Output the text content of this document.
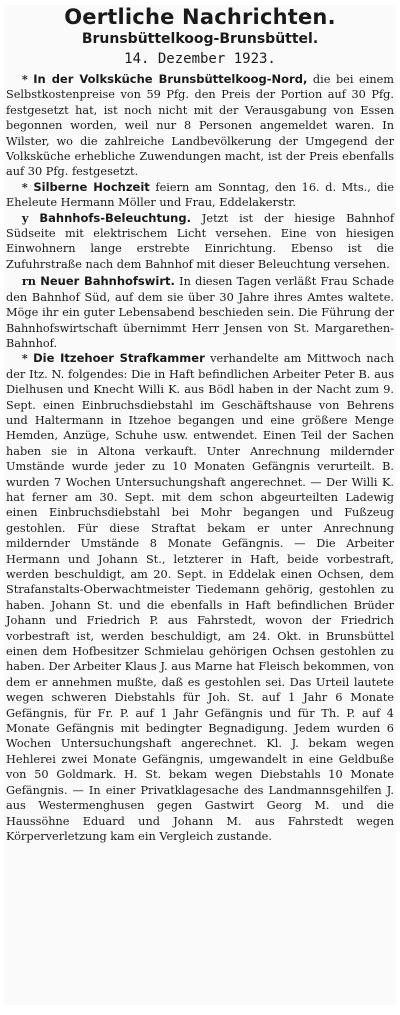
Oertliche Nachrichten.
Brunsbüttelkoog-Brunsbüttel.
14. Dezember 1923.

* In der Volksküche Brunsbüttelkoog-Nord, die bei einem Selbstkostenpreise von 59 Pfg. den Preis der Portion auf 30 Pfg. festgesetzt hat, ist noch nicht mit der Verausgabung von Essen begonnen worden, weil nur 8 Personen angemeldet waren. In Wilster, wo die zahlreiche Landbevölkerung der Umgegend der Volksküche erhebliche Zuwendungen macht, ist der Preis ebenfalls auf 30 Pfg. festgesetzt.

* Silberne Hochzeit feiern am Sonntag, den 16. d. Mts., die Eheleute Hermann Möller und Frau, Eddelakerstr.

y Bahnhofs-Beleuchtung. Jetzt ist der hiesige Bahnhof Südseite mit elektrischem Licht versehen. Eine von hiesigen Einwohnern lange erstrebte Einrichtung. Ebenso ist die Zufuhrstraße nach dem Bahnhof mit dieser Beleuchtung versehen.

rn Neuer Bahnhofswirt. In diesen Tagen verläßt Frau Schade den Bahnhof Süd, auf dem sie über 30 Jahre ihres Amtes waltete. Möge ihr ein guter Lebensabend beschieden sein. Die Führung der Bahnhofswirtschaft übernimmt Herr Jensen von St. Margarethen-Bahnhof.

* Die Itzehoer Strafkammer verhandelte am Mittwoch nach der Itz. N. folgendes: Die in Haft befindlichen Arbeiter Peter B. aus Dielhusen und Knecht Willi K. aus Bödl haben in der Nacht zum 9. Sept. einen Einbruchsdiebstahl im Geschäftshause von Behrens und Haltermann in Itzehoe begangen und eine größere Menge Hemden, Anzüge, Schuhe usw. entwendet. Einen Teil der Sachen haben sie in Altona verkauft. Unter Anrechnung mildernder Umstände wurde jeder zu 10 Monaten Gefängnis verurteilt. B. wurden 7 Wochen Untersuchungshaft angerechnet. — Der Willi K. hat ferner am 30. Sept. mit dem schon abgeurteilten Ladewig einen Einbruchsdiebstahl bei Mohr begangen und Fußzeug gestohlen. Für diese Straftat bekam er unter Anrechnung mildernder Umstände 8 Monate Gefängnis. — Die Arbeiter Hermann und Johann St., letzterer in Haft, beide vorbestraft, werden beschuldigt, am 20. Sept. in Eddelak einen Ochsen, dem Strafanstalts-Oberwachtmeister Tiedemann gehörig, gestohlen zu haben. Johann St. und die ebenfalls in Haft befindlichen Brüder Johann und Friedrich P. aus Fahrstedt, wovon der Friedrich vorbestraft ist, werden beschuldigt, am 24. Okt. in Brunsbüttel einen dem Hofbesitzer Schmielau gehörigen Ochsen gestohlen zu haben. Der Arbeiter Klaus J. aus Marne hat Fleisch bekommen, von dem er annehmen mußte, daß es gestohlen sei. Das Urteil lautete wegen schweren Diebstahls für Joh. St. auf 1 Jahr 6 Monate Gefängnis, für Fr. P. auf 1 Jahr Gefängnis und für Th. P. auf 4 Monate Gefängnis mit bedingter Begnadigung. Jedem wurden 6 Wochen Untersuchungshaft angerechnet. Kl. J. bekam wegen Hehlerei zwei Monate Gefängnis, umgewandelt in eine Geldbuße von 50 Goldmark. H. St. bekam wegen Diebstahls 10 Monate Gefängnis. — In einer Privatklagesache des Landmannsgehilfen J. aus Westermenghusen gegen Gastwirt Georg M. und die Haussöhne Eduard und Johann M. aus Fahrstedt wegen Körperverletzung kam ein Vergleich zustande.
